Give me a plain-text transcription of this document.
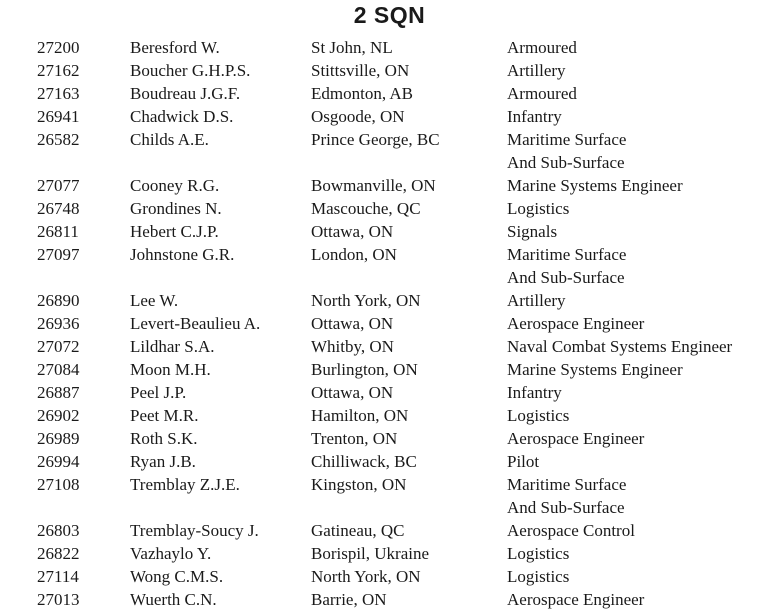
2 SQN
27200	Beresford W.	St John, NL	Armoured
27162	Boucher G.H.P.S.	Stittsville, ON	Artillery
27163	Boudreau J.G.F.	Edmonton, AB	Armoured
26941	Chadwick D.S.	Osgoode, ON	Infantry
26582	Childs A.E.	Prince George, BC	Maritime Surface
And Sub-Surface
27077	Cooney R.G.	Bowmanville, ON	Marine Systems Engineer
26748	Grondines N.	Mascouche, QC	Logistics
26811	Hebert C.J.P.	Ottawa, ON	Signals
27097	Johnstone G.R.	London, ON	Maritime Surface
And Sub-Surface
26890	Lee W.	North York, ON	Artillery
26936	Levert-Beaulieu A.	Ottawa, ON	Aerospace Engineer
27072	Lildhar S.A.	Whitby, ON	Naval Combat Systems Engineer
27084	Moon M.H.	Burlington, ON	Marine Systems Engineer
26887	Peel J.P.	Ottawa, ON	Infantry
26902	Peet M.R.	Hamilton, ON	Logistics
26989	Roth S.K.	Trenton, ON	Aerospace Engineer
26994	Ryan J.B.	Chilliwack, BC	Pilot
27108	Tremblay Z.J.E.	Kingston, ON	Maritime Surface
And Sub-Surface
26803	Tremblay-Soucy J.	Gatineau, QC	Aerospace Control
26822	Vazhaylo Y.	Borispil, Ukraine	Logistics
27114	Wong C.M.S.	North York, ON	Logistics
27013	Wuerth C.N.	Barrie, ON	Aerospace Engineer
